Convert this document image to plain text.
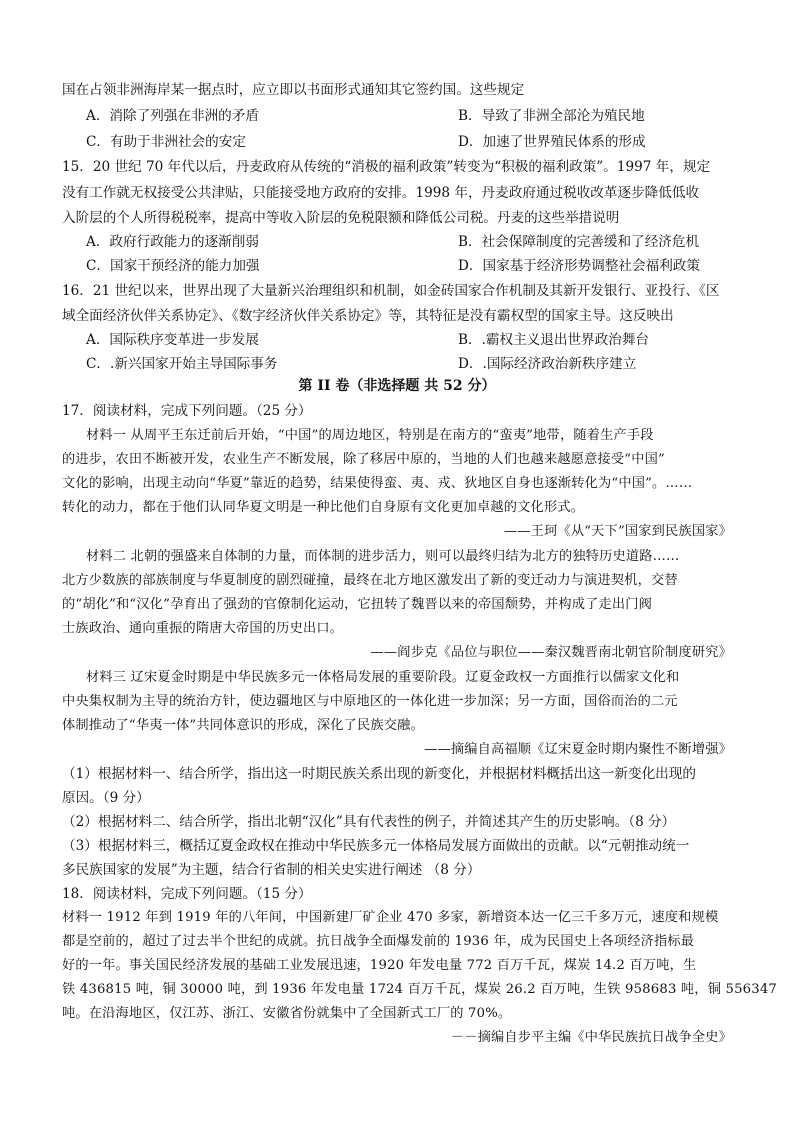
国在占领非洲海岸某一据点时，应立即以书面形式通知其它签约国。这些规定
A．消除了列强在非洲的矛盾	B．导致了非洲全部沦为殖民地
C．有助于非洲社会的安定	D．加速了世界殖民体系的形成
15．20 世纪 70 年代以后，丹麦政府从传统的“消极的福利政策”转变为“积极的福利政策”。1997 年，规定
没有工作就无权接受公共津贴，只能接受地方政府的安排。1998 年，丹麦政府通过税收改革逐步降低低收
入阶层的个人所得税税率，提高中等收入阶层的免税限额和降低公司税。丹麦的这些举措说明
A．政府行政能力的逐渐削弱	B．社会保障制度的完善缓和了经济危机
C．国家干预经济的能力加强	D．国家基于经济形势调整社会福利政策
16．21 世纪以来，世界出现了大量新兴治理组织和机制，如金砖国家合作机制及其新开发银行、亚投行、《区
域全面经济伙伴关系协定》、《数字经济伙伴关系协定》等，其特征是没有霸权型的国家主导。这反映出
A．国际秩序变革进一步发展	B．.霸权主义退出世界政治舞台
C．.新兴国家开始主导国际事务	D．.国际经济政治新秩序建立
第 II 卷（非选择题 共 52 分）
17．阅读材料，完成下列问题。（25 分）
材料一 从周平王东迁前后开始，“中国”的周边地区，特别是在南方的“蛮夷”地带，随着生产手段
的进步，农田不断被开发，农业生产不断发展，除了移居中原的，当地的人们也越来越愿意接受“中国”
文化的影响，出现主动向“华夏”靠近的趋势，结果使得蛮、夷、戎、狄地区自身也逐渐转化为“中国”。……
转化的动力，都在于他们认同华夏文明是一种比他们自身原有文化更加卓越的文化形式。
——王珂《从“天下”国家到民族国家》
材料二 北朝的强盛来自体制的力量，而体制的进步活力，则可以最终归结为北方的独特历史道路……
北方少数族的部族制度与华夏制度的剧烈碰撞，最终在北方地区激发出了新的变迁动力与演进契机，交替
的“胡化”和“汉化”孕育出了强劲的官僚制化运动，它扭转了魏晋以来的帝国颓势，并构成了走出门阀
士族政治、通向重振的隋唐大帝国的历史出口。
——阎步克《品位与职位——秦汉魏晋南北朝官阶制度研究》
材料三 辽宋夏金时期是中华民族多元一体格局发展的重要阶段。辽夏金政权一方面推行以儒家文化和
中央集权制为主导的统治方针，使边疆地区与中原地区的一体化进一步加深；另一方面，国俗而治的二元
体制推动了“华夷一体”共同体意识的形成，深化了民族交融。
——摘编自高福顺《辽宋夏金时期内聚性不断增强》
（1）根据材料一、结合所学，指出这一时期民族关系出现的新变化，并根据材料概括出这一新变化出现的
原因。（9 分）
（2）根据材料二、结合所学，指出北朝“汉化”具有代表性的例子，并简述其产生的历史影响。（8 分）
（3）根据材料三，概括辽夏金政权在推动中华民族多元一体格局发展方面做出的贡献。以“元朝推动统一
多民族国家的发展”为主题，结合行省制的相关史实进行阐述 （8 分）
18．阅读材料，完成下列问题。（15 分）
材料一 1912 年到 1919 年的八年间，中国新建厂矿企业 470 多家，新增资本达一亿三千多万元，速度和规模
都是空前的，超过了过去半个世纪的成就。抗日战争全面爆发前的 1936 年，成为民国史上各项经济指标最
好的一年。事关国民经济发展的基础工业发展迅速，1920 年发电量 772 百万千瓦，煤炭 14.2 百万吨，生
铁 436815 吨，铜 30000 吨，到 1936 年发电量 1724 百万千瓦，煤炭 26.2 百万吨，生铁 958683 吨，铜 556347
吨。在沿海地区，仅江苏、浙江、安徽省份就集中了全国新式工厂的 70%。
－－摘编自步平主编《中华民族抗日战争全史》
